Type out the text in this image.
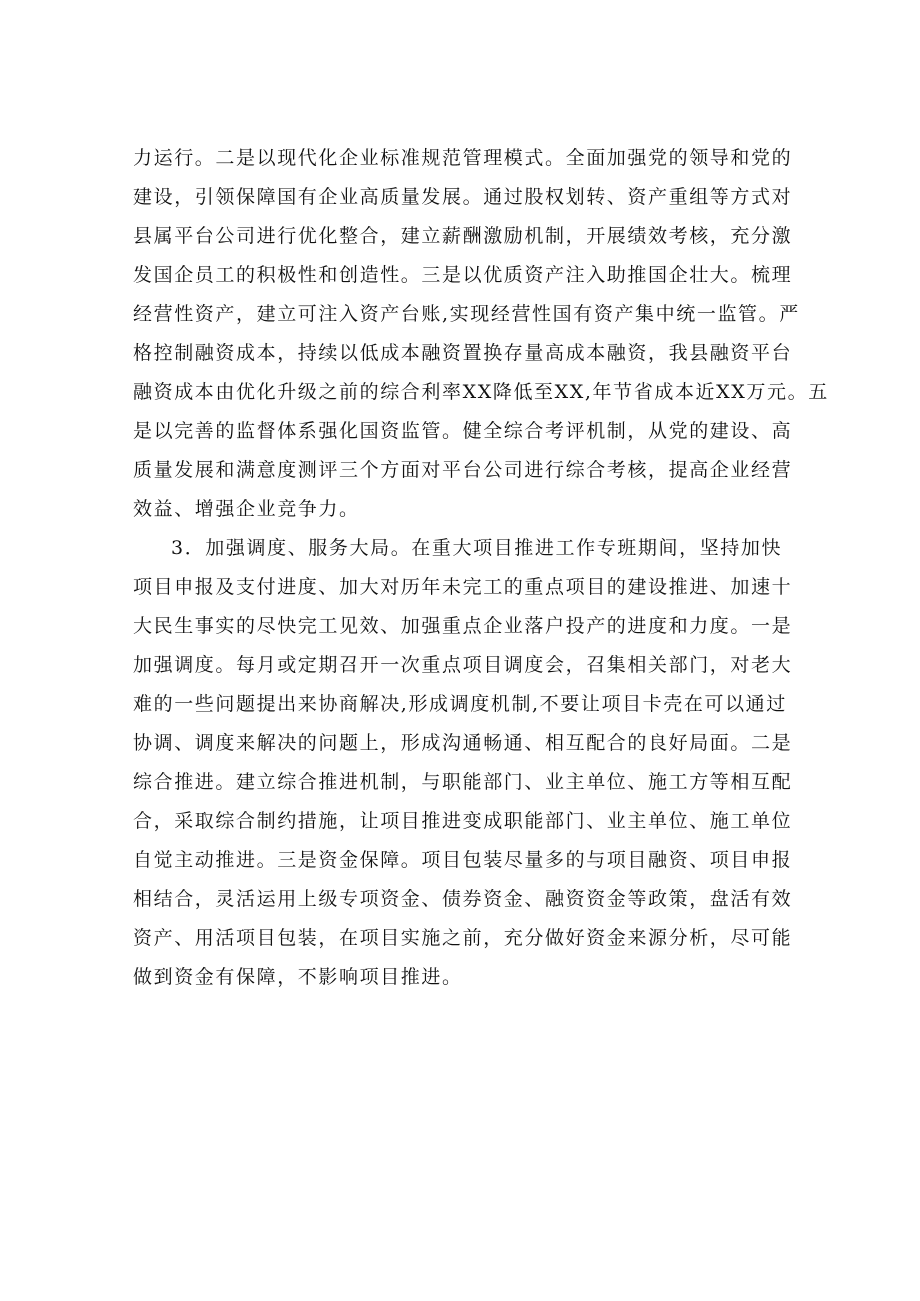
力运行。二是以现代化企业标准规范管理模式。全面加强党的领导和党的
建设，引领保障国有企业高质量发展。通过股权划转、资产重组等方式对
县属平台公司进行优化整合，建立薪酬激励机制，开展绩效考核，充分激
发国企员工的积极性和创造性。三是以优质资产注入助推国企壮大。梳理
经营性资产，建立可注入资产台账,实现经营性国有资产集中统一监管。严
格控制融资成本，持续以低成本融资置换存量高成本融资，我县融资平台
融资成本由优化升级之前的综合利率XX降低至XX,年节省成本近XX万元。五
是以完善的监督体系强化国资监管。健全综合考评机制，从党的建设、高
质量发展和满意度测评三个方面对平台公司进行综合考核，提高企业经营
效益、增强企业竞争力。
3．加强调度、服务大局。在重大项目推进工作专班期间，坚持加快
项目申报及支付进度、加大对历年未完工的重点项目的建设推进、加速十
大民生事实的尽快完工见效、加强重点企业落户投产的进度和力度。一是
加强调度。每月或定期召开一次重点项目调度会，召集相关部门，对老大
难的一些问题提出来协商解决,形成调度机制,不要让项目卡壳在可以通过
协调、调度来解决的问题上，形成沟通畅通、相互配合的良好局面。二是
综合推进。建立综合推进机制，与职能部门、业主单位、施工方等相互配
合，采取综合制约措施，让项目推进变成职能部门、业主单位、施工单位
自觉主动推进。三是资金保障。项目包装尽量多的与项目融资、项目申报
相结合，灵活运用上级专项资金、债券资金、融资资金等政策，盘活有效
资产、用活项目包装，在项目实施之前，充分做好资金来源分析，尽可能
做到资金有保障，不影响项目推进。
